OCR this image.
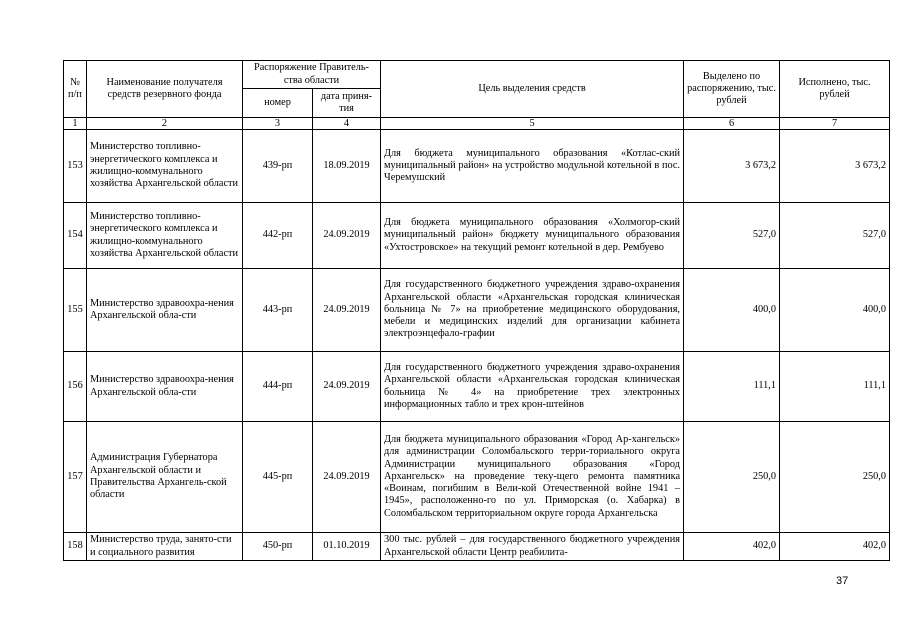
№ п/п	Наименование получателя средств резервного фонда	Распоряжение Правитель-ства области		Цель выделения средств	Выделено по распоряжению, тыс. рублей	Исполнено, тыс. рублей
		номер	дата приня-тия			
1	2	3	4	5	6	7
153	Министерство топливно-энергетического комплекса и жилищно-коммунального хозяйства Архангельской области	439-рп	18.09.2019	Для бюджета муниципального образования «Котлас-ский муниципальный район» на устройство модульной котельной в пос. Черемушский	3 673,2	3 673,2
154	Министерство топливно-энергетического комплекса и жилищно-коммунального хозяйства Архангельской области	442-рп	24.09.2019	Для бюджета муниципального образования «Холмогор-ский муниципальный район» бюджету муниципального образования «Ухтостровское» на текущий ремонт котельной в дер. Рембуево	527,0	527,0
155	Министерство здравоохра-нения Архангельской обла-сти	443-рп	24.09.2019	Для государственного бюджетного учреждения здраво-охранения Архангельской области «Архангельская городская клиническая больница № 7» на приобретение медицинского оборудования, мебели и медицинских изделий для организации кабинета электроэнцефало-графии	400,0	400,0
156	Министерство здравоохра-нения Архангельской обла-сти	444-рп	24.09.2019	Для государственного бюджетного учреждения здраво-охранения Архангельской области «Архангельская городская клиническая больница № 4» на приобретение трех электронных информационных табло и трех крон-штейнов	111,1	111,1
157	Администрация Губернатора Архангельской области и Правительства Архангель-ской области	445-рп	24.09.2019	Для бюджета муниципального образования «Город Ар-хангельск» для администрации Соломбальского терри-ториального округа Администрации муниципального образования «Город Архангельск» на проведение теку-щего ремонта памятника «Воинам, погибшим в Вели-кой Отечественной войне 1941 – 1945», расположенно-го по ул. Приморская (о. Хабарка) в Соломбальском территориальном округе города Архангельска	250,0	250,0
158	Министерство труда, занято-сти и социального развития	450-рп	01.10.2019	300 тыс. рублей – для государственного бюджетного учреждения Архангельской области Центр реабилита-	402,0	402,0
37
